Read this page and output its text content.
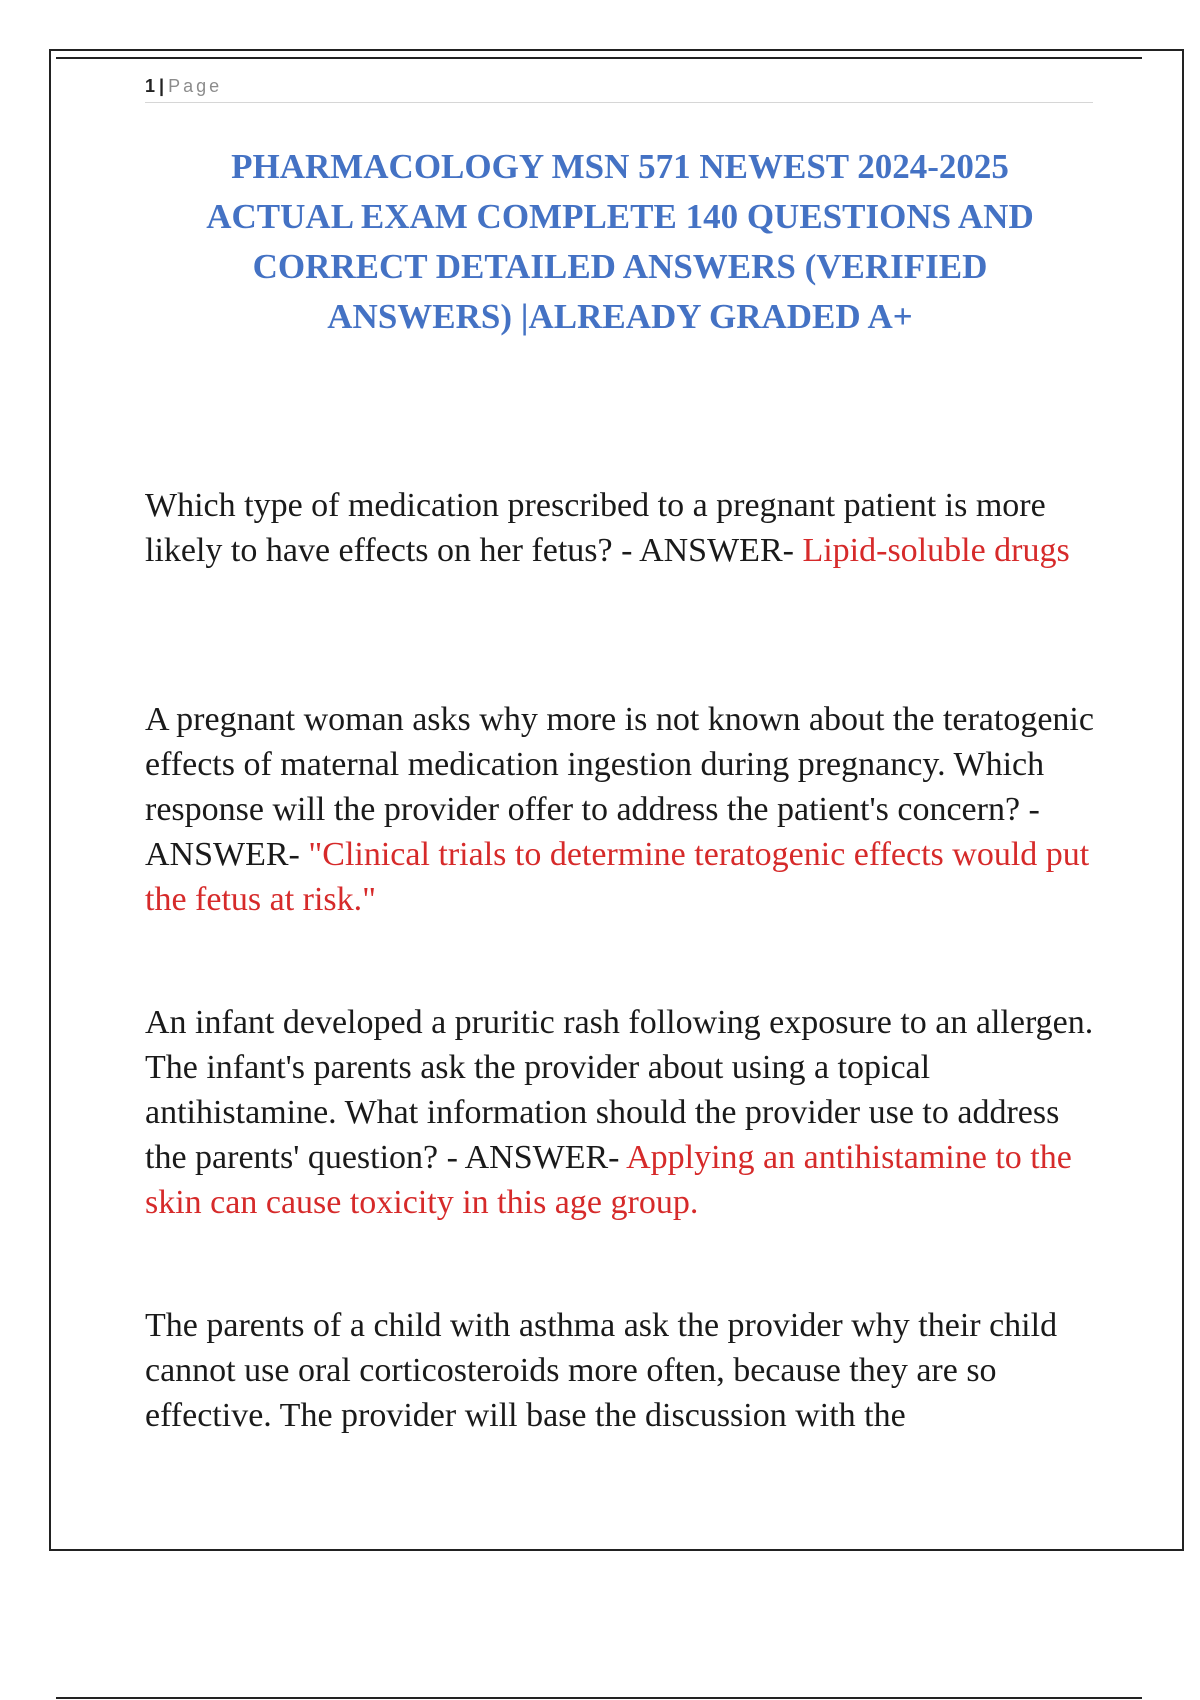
1 | Page
PHARMACOLOGY MSN 571 NEWEST 2024-2025 ACTUAL EXAM COMPLETE 140 QUESTIONS AND CORRECT DETAILED ANSWERS (VERIFIED ANSWERS) |ALREADY GRADED A+

Which type of medication prescribed to a pregnant patient is more likely to have effects on her fetus? - ANSWER- Lipid-soluble drugs

A pregnant woman asks why more is not known about the teratogenic effects of maternal medication ingestion during pregnancy. Which response will the provider offer to address the patient's concern? - ANSWER- "Clinical trials to determine teratogenic effects would put the fetus at risk."

An infant developed a pruritic rash following exposure to an allergen. The infant's parents ask the provider about using a topical antihistamine. What information should the provider use to address the parents' question? - ANSWER- Applying an antihistamine to the skin can cause toxicity in this age group.

The parents of a child with asthma ask the provider why their child cannot use oral corticosteroids more often, because they are so effective. The provider will base the discussion with the
